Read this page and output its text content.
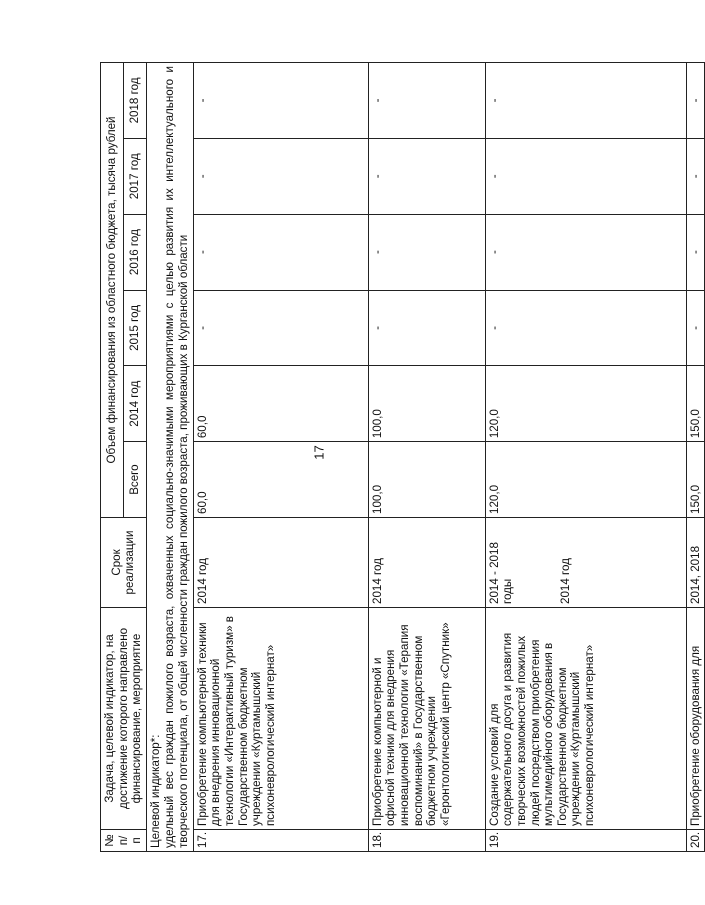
17
№ п/п	Задача, целевой индикатор, на достижение которого направлено финансирование, мероприятие	Срок реализации	Объем финансирования из областного бюджета, тысяча рублей					
			Всего	2014 год	2015 год	2016 год	2017 год	2018 год

Целевой индикатор*: удельный вес граждан пожилого возраста, охваченных социально-значимыми мероприятиями с целью развития их интеллектуального и творческого потенциала, от общей численности граждан пожилого возраста, проживающих в Курганской области								
17.	Приобретение компьютерной техники для внедрения инновационной технологии «Интерактивный туризм» в Государственном бюджетном учреждении «Куртамышский психоневрологический интернат»	2014 год	60,0	60,0	-	-	-	-
18.	Приобретение компьютерной и офисной техники для внедрения инновационной технологии «Терапия воспоминаний» в Государственном бюджетном учреждении «Геронтологический центр «Спутник»	2014 год	100,0	100,0	-	-	-	-
19.	Создание условий для содержательного досуга и развития творческих возможностей пожилых людей посредством приобретения мультимедийного оборудования в Государственном бюджетном учреждении «Куртамышский психоневрологический интернат»	2014 - 2018 годы 2014 год	120,0	120,0	-	-	-	-
20.	Приобретение оборудования для	2014, 2018	150,0	150,0	-	-	-	-
